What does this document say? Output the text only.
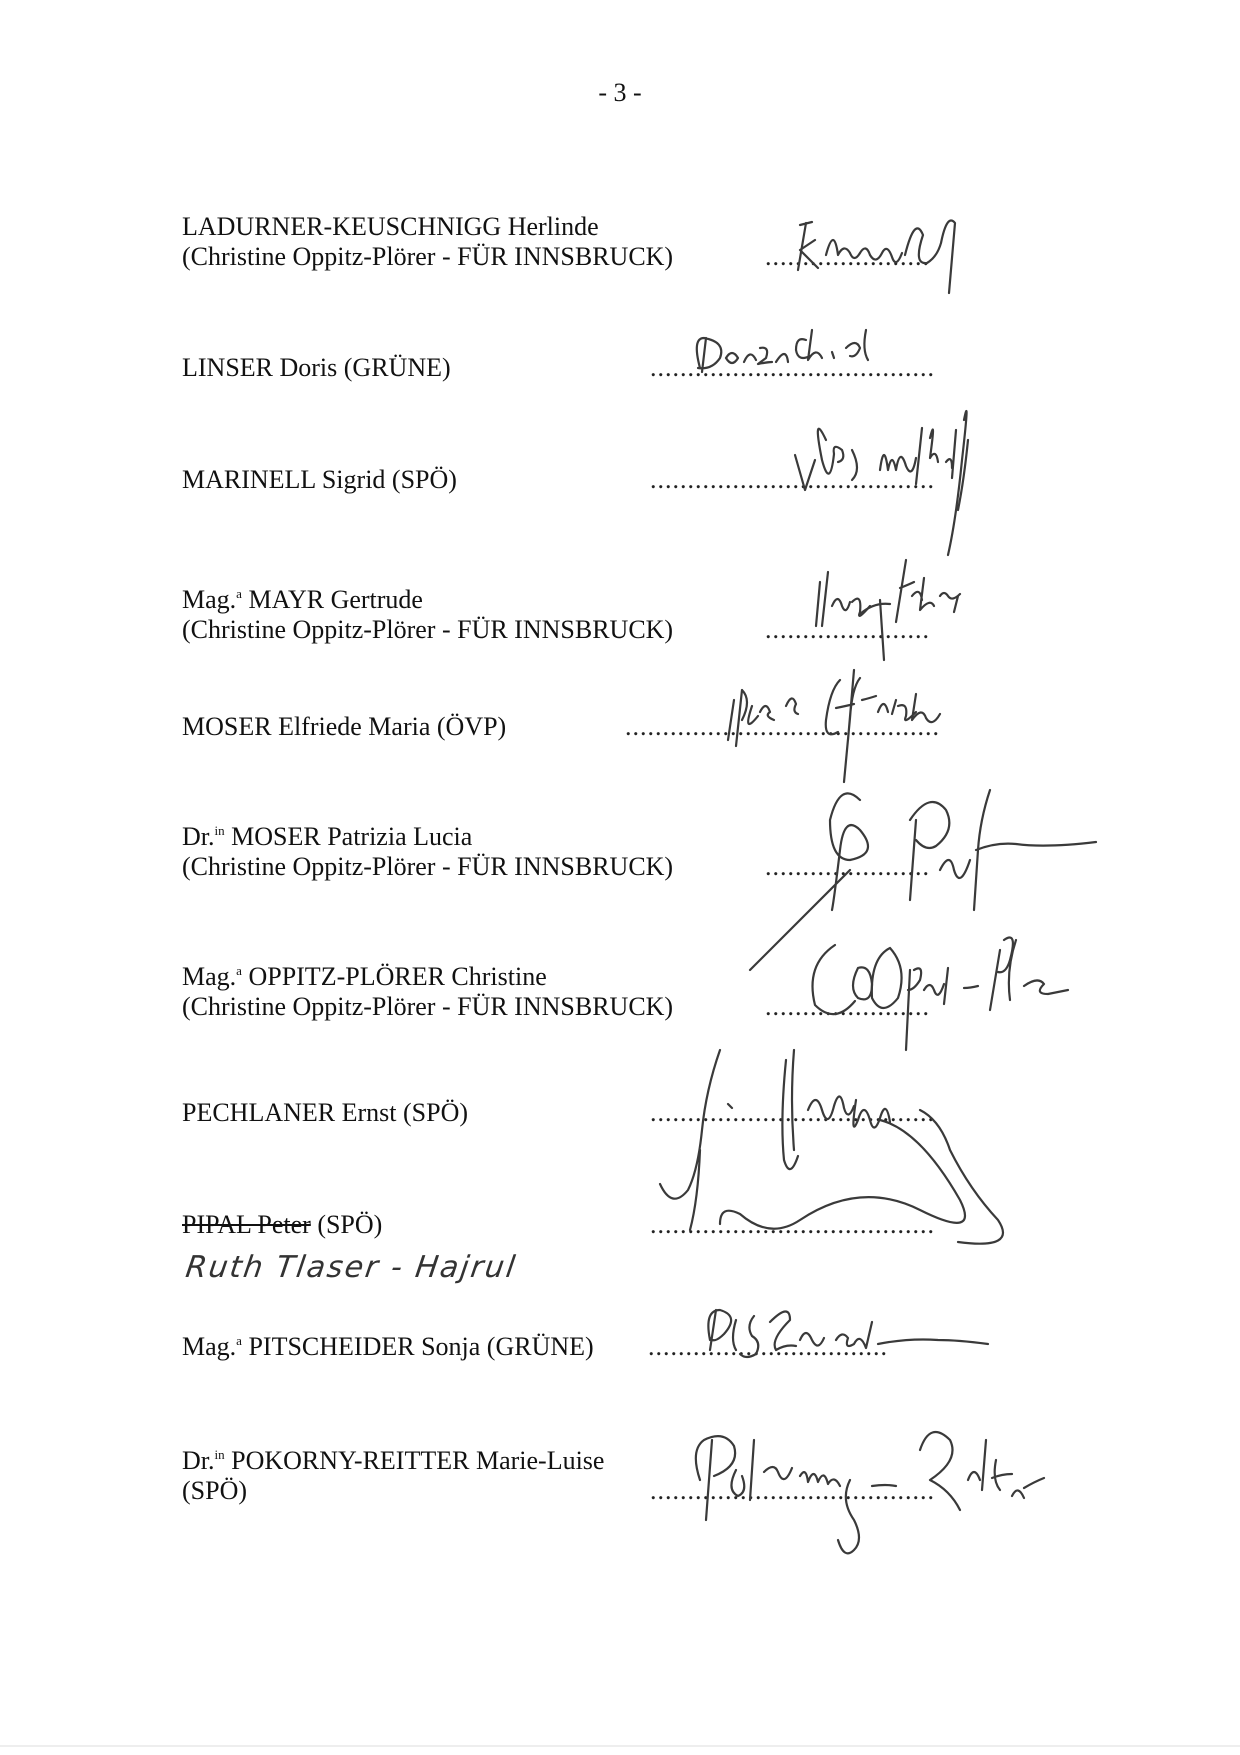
- 3 -
LADURNER-KEUSCHNIGG Herlinde
(Christine Oppitz-Plörer - FÜR INNSBRUCK)	......................
LINSER Doris (GRÜNE)	......................................
MARINELL Sigrid (SPÖ)	......................................
Mag.$^a$ MAYR Gertrude
(Christine Oppitz-Plörer - FÜR INNSBRUCK)	......................
MOSER Elfriede Maria (ÖVP)	..........................................
Dr.$^{in}$ MOSER Patrizia Lucia
(Christine Oppitz-Plörer - FÜR INNSBRUCK)	......................
Mag.$^a$ OPPITZ-PLÖRER Christine
(Christine Oppitz-Plörer - FÜR INNSBRUCK)	......................
PECHLANER Ernst (SPÖ)	......................................
PIPAL Peter (SPÖ)	......................................
Ruth Tlaser - Hajrul
Mag.$^a$ PITSCHEIDER Sonja (GRÜNE) ................................
Dr.$^{in}$ POKORNY-REITTER Marie-Luise
(SPÖ)	......................................
